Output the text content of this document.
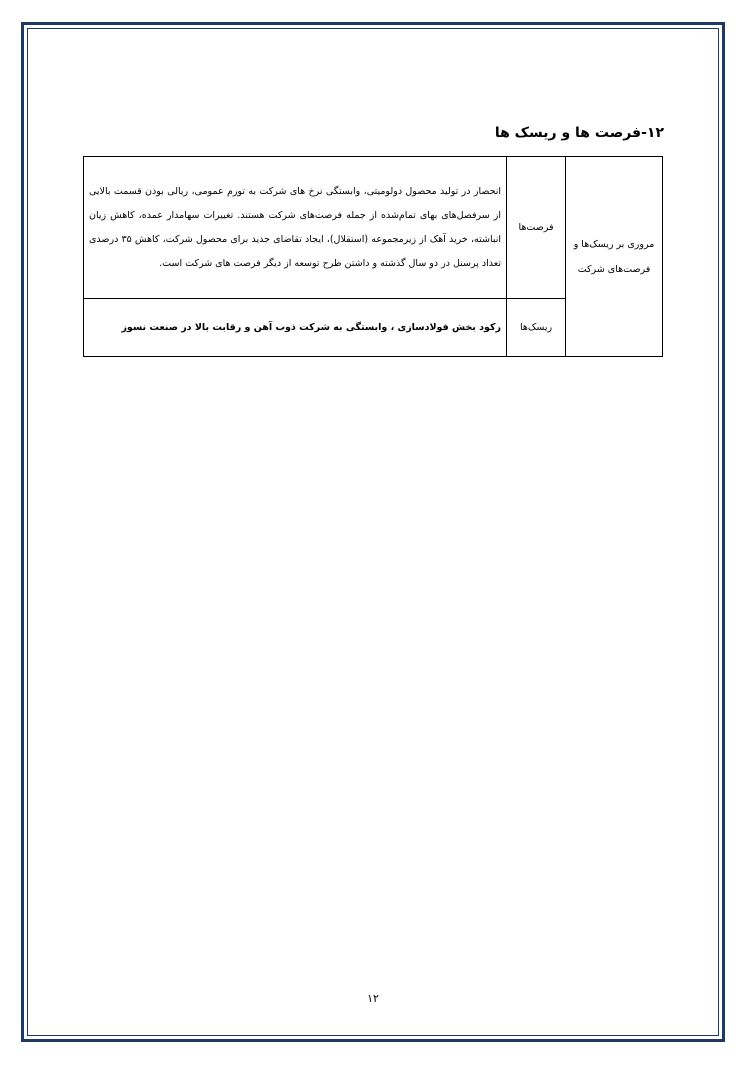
۱۲-فرصت ها و ریسک ها
مروری بر ریسک‌ها و فرصت‌های شرکت	فرصت‌ها	انحصار در تولید محصول دولومیتی، وابستگی نرخ های شرکت به تورم عمومی، ریالی بودن قسمت بالایی از سرفصل‌های بهای تمام‌شده از جمله فرصت‌های شرکت هستند. تغییرات سهامدار عمده، کاهش زیان انباشته، خرید آهک از زیرمجموعه (استقلال)، ایجاد تقاضای جدید برای محصول شرکت، کاهش ۳۵ درصدی تعداد پرسنل در دو سال گذشته و داشتن طرح توسعه از دیگر فرصت های شرکت است.
	ریسک‌ها	رکود بخش فولادسازی ، وابستگی به شرکت ذوب آهن و رقابت بالا در صنعت نسوز
۱۲
